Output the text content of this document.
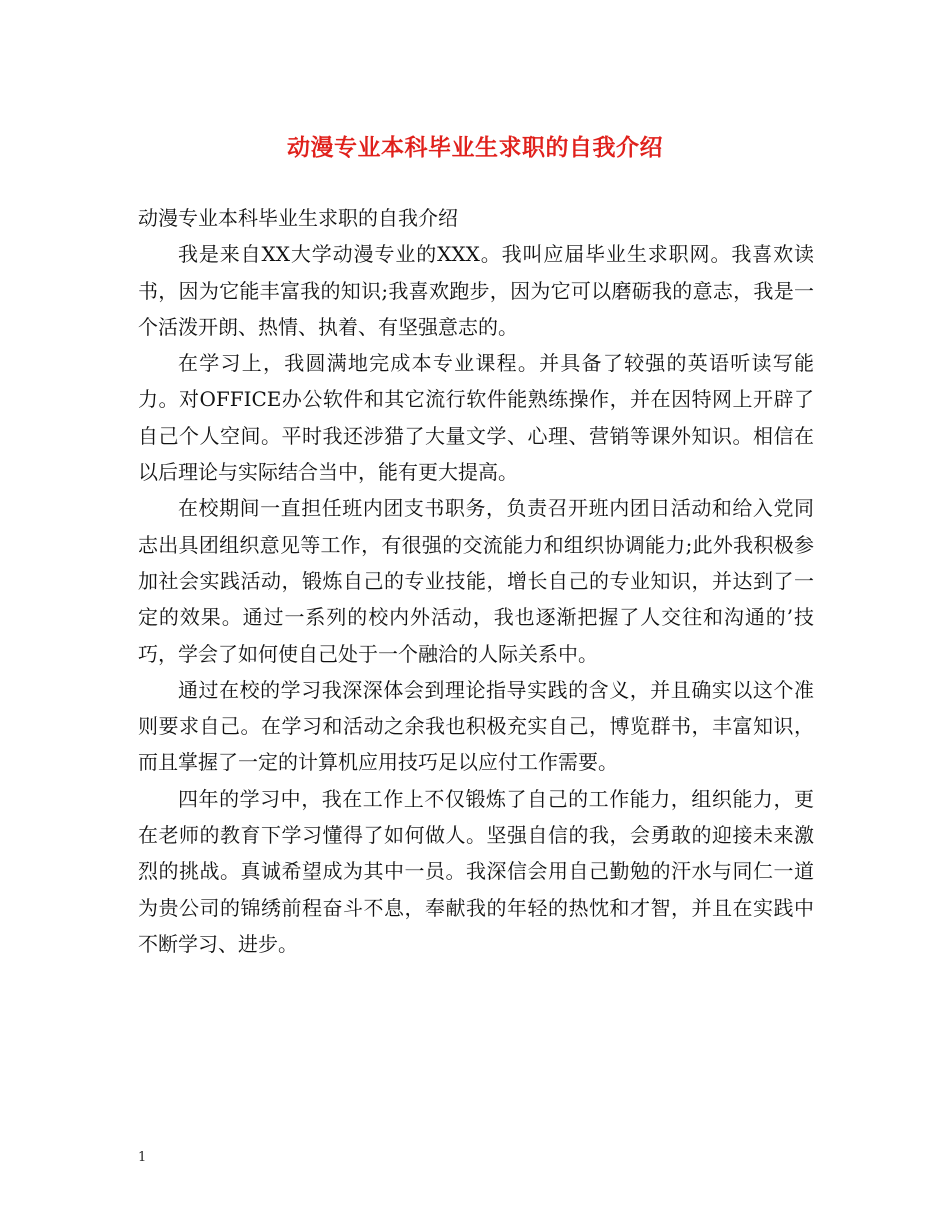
动漫专业本科毕业生求职的自我介绍

动漫专业本科毕业生求职的自我介绍

我是来自XX大学动漫专业的XXX。我叫应届毕业生求职网。我喜欢读书，因为它能丰富我的知识;我喜欢跑步，因为它可以磨砺我的意志，我是一个活泼开朗、热情、执着、有坚强意志的。

在学习上，我圆满地完成本专业课程。并具备了较强的英语听读写能力。对OFFICE办公软件和其它流行软件能熟练操作，并在因特网上开辟了自己个人空间。平时我还涉猎了大量文学、心理、营销等课外知识。相信在以后理论与实际结合当中，能有更大提高。

在校期间一直担任班内团支书职务，负责召开班内团日活动和给入党同志出具团组织意见等工作，有很强的交流能力和组织协调能力;此外我积极参加社会实践活动，锻炼自己的专业技能，增长自己的专业知识，并达到了一定的效果。通过一系列的校内外活动，我也逐渐把握了人交往和沟通的’技巧，学会了如何使自己处于一个融洽的人际关系中。

通过在校的学习我深深体会到理论指导实践的含义，并且确实以这个准则要求自己。在学习和活动之余我也积极充实自己，博览群书，丰富知识，而且掌握了一定的计算机应用技巧足以应付工作需要。

四年的学习中，我在工作上不仅锻炼了自己的工作能力，组织能力，更在老师的教育下学习懂得了如何做人。坚强自信的我，会勇敢的迎接未来激烈的挑战。真诚希望成为其中一员。我深信会用自己勤勉的汗水与同仁一道为贵公司的锦绣前程奋斗不息，奉献我的年轻的热忱和才智，并且在实践中不断学习、进步。

1
